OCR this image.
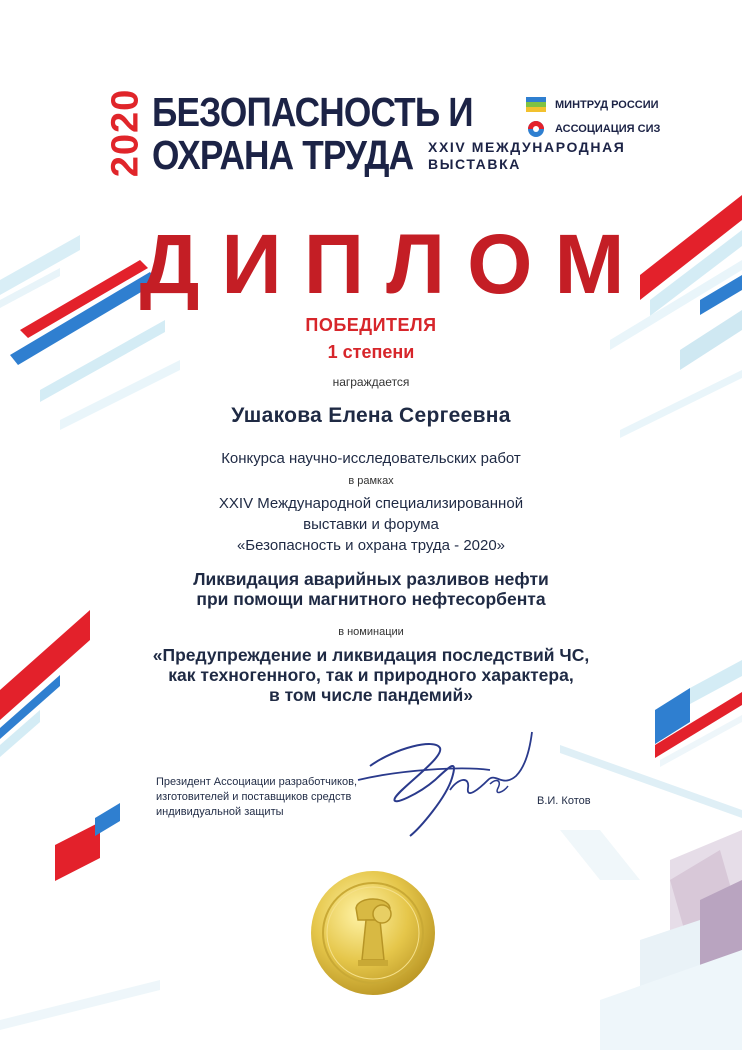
2020 БЕЗОПАСНОСТЬ И
ОХРАНА ТРУДА XXIV МЕЖДУНАРОДНАЯ
ВЫСТАВКА
МИНТРУД РОССИИ
АССОЦИАЦИЯ СИЗ
ДИПЛОМ
ПОБЕДИТЕЛЯ
1 степени
награждается
Ушакова Елена Сергеевна
Конкурса научно-исследовательских работ
в рамках
XXIV Международной специализированной
выставки и форума
«Безопасность и охрана труда - 2020»
Ликвидация аварийных разливов нефти
при помощи магнитного нефтесорбента
в номинации
«Предупреждение и ликвидация последствий ЧС,
как техногенного, так и природного характера,
в том числе пандемий»
Президент Ассоциации разработчиков,
изготовителей и поставщиков средств
индивидуальной защиты
В.И. Котов
